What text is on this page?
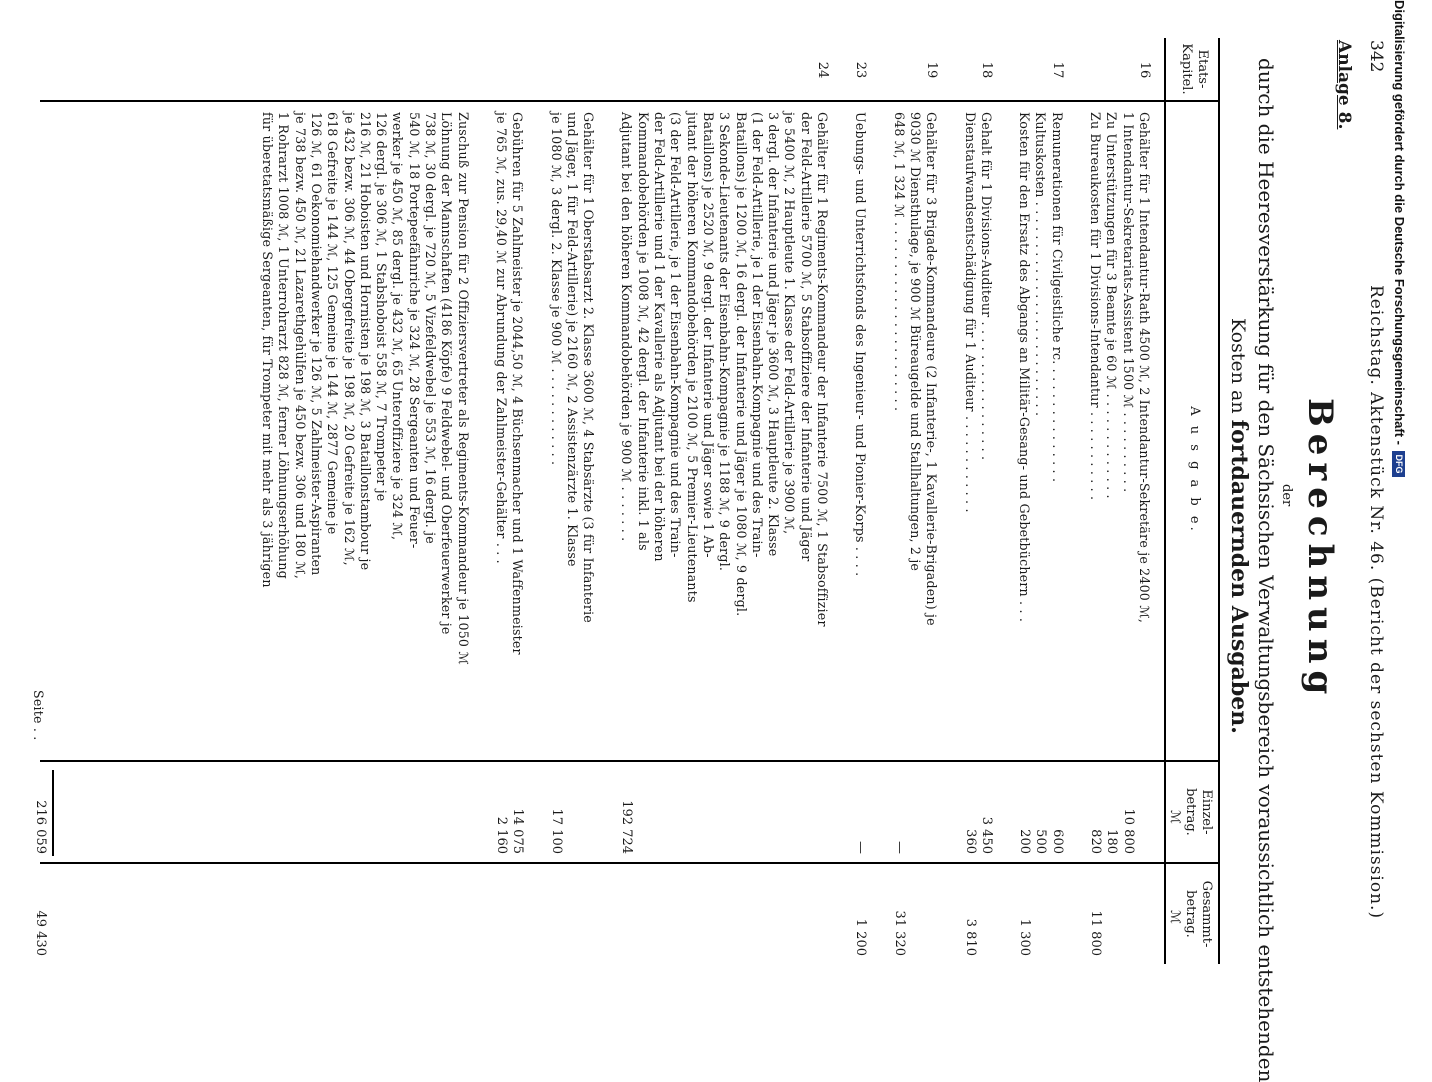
342
Reichstag. Aktenstück Nr. 46. (Bericht der sechsten Kommission.)
Anlage 8.
Berechnung
der
durch die Heeresverstärkung für den Sächsischen Verwaltungsbereich voraussichtlich entstehenden
Kosten an fortdauernden Ausgaben.
Etats-Kapitel.
A u s g a b e.
Einzel-betrag.
Gesammt-betrag.
ℳ
ℳ
16
Gehälter für 1 Intendantur-Rath 4500 ℳ, 2 Intendantur-Sekretäre je 2400 ℳ,
1 Intendantur-Sekretariats-Assistent 1500 ℳ . . . . . . . . . .
Zu Unterstützungen für 3 Beamte je 60 ℳ . . . . . . . . . . . . .
Zu Bureaukosten für 1 Divisions-Intendantur . . . . . . . . . . .
10 800
180
820
11 800
17
Remunerationen für Civilgeistliche rc. . . . . . . . . . . . . . .
Kultuskosten . . . . . . . . . . . . . . . . . . . . . . . . . .
Kosten für den Ersatz des Abgangs an Militär-Gesang- und Gebetbüchern . . .
600
500
200
1 300
18
Gehalt für 1 Divisions-Auditeur . . . . . . . . . . . . . . . . .
Dienstaufwandsentschädigung für 1 Auditeur . . . . . . . . . . . .
3 450
360
3 810
19
Gehälter für 3 Brigade-Kommandeure (2 Infanterie-, 1 Kavallerie-Brigaden) je
9030 ℳ Diensthulage, je 900 ℳ Büreaugelde und Stallhaltungen, 2 je
648 ℳ, 1 324 ℳ . . . . . . . . . . . . . . . . . . . . . . .
—
31 320
23
Uebungs- und Unterrichtsfonds des Ingenieur- und Pionier-Korps . . . .
—
1 200
24
Gehälter für 1 Regiments-Kommandeur der Infanterie 7500 ℳ, 1 Stabsoffizier
der Feld-Artillerie 5700 ℳ, 5 Stabsoffiziere der Infanterie und Jäger
je 5400 ℳ, 2 Hauptleute 1. Klasse der Feld-Artillerie je 3900 ℳ,
3 dergl. der Infanterie und Jäger je 3600 ℳ, 3 Hauptleute 2. Klasse
(1 der Feld-Artillerie, je 1 der Eisenbahn-Kompagnie und des Train-
Bataillons) je 1200 ℳ, 16 dergl. der Infanterie und Jäger je 1080 ℳ, 9 dergl.
3 Sekonde-Lieutenants der Eisenbahn-Kompagnie je 1188 ℳ, 9 dergl.
Bataillons) je 2520 ℳ, 9 dergl. der Infanterie und Jäger sowie 1 Ab-
jutant der höheren Kommandobehörden je 2100 ℳ, 5 Premier-Lieutenants
(3 der Feld-Artillerie, je 1 der Eisenbahn-Kompagnie und des Train-
der Feld-Artillerie und 1 der Kavallerie als Adjutant bei der höheren
Kommandobehörden je 1008 ℳ, 42 dergl. der Infanterie inkl. 1 als
Adjutant bei den höheren Kommandobehörden je 900 ℳ . . . . . . .
192 724
Gehälter für 1 Oberstabsarzt 2. Klasse 3600 ℳ, 4 Stabsärzte (3 für Infanterie
und Jäger, 1 für Feld-Artillerie) je 2160 ℳ, 2 Assistenzärzte 1. Klasse
je 1080 ℳ, 3 dergl. 2. Klasse je 900 ℳ . . . . . . . . . . . .
17 100
Gebühren für 5 Zahlmeister je 2044,50 ℳ, 4 Büchsenmacher und 1 Waffenmeister
je 765 ℳ, zus. 29,40 ℳ zur Abrundung der Zahlmeister-Gehälter . . .
14 075
2 160
Zuschuß zur Pension für 2 Offiziersvertreter als Regiments-Kommandeur je 1050 ℳ
Löhnung der Mannschaften (4186 Köpfe) 9 Feldwebel- und Oberfeuerwerker je
738 ℳ, 30 dergl. je 720 ℳ, 5 Vizefeldwebel je 553 ℳ, 16 dergl. je
540 ℳ, 18 Portepeefähnriche je 324 ℳ, 28 Sergeanten und Feuer-
werker je 450 ℳ, 85 dergl. je 432 ℳ, 65 Unteroffiziere je 324 ℳ,
126 dergl. je 306 ℳ, 1 Stabshoboist 558 ℳ, 7 Trompeter je
216 ℳ, 21 Hoboisten und Hornisten je 198 ℳ, 3 Bataillonstambour je
je 432 bezw. 306 ℳ, 44 Obergefreite je 198 ℳ, 20 Gefreite je 162 ℳ,
618 Gefreite je 144 ℳ, 125 Gemeine je 144 ℳ, 2877 Gemeine je
126 ℳ, 61 Oekonomiehandwerker je 126 ℳ, 5 Zahlmeister-Aspiranten
je 738 bezw. 450 ℳ, 21 Lazarethgehülfen je 450 bezw. 306 und 180 ℳ,
1 Rohrarzt 1008 ℳ, 1 Unterrohrarzt 828 ℳ, ferner Löhnungserhöhung
für überetatsmäßige Sergeanten, für Trompeter mit mehr als 3 jährigen
Seite . .
216 059
49 430
Digitalisierung gefördert durch die Deutsche Forschungsgemeinschaft -DFG
